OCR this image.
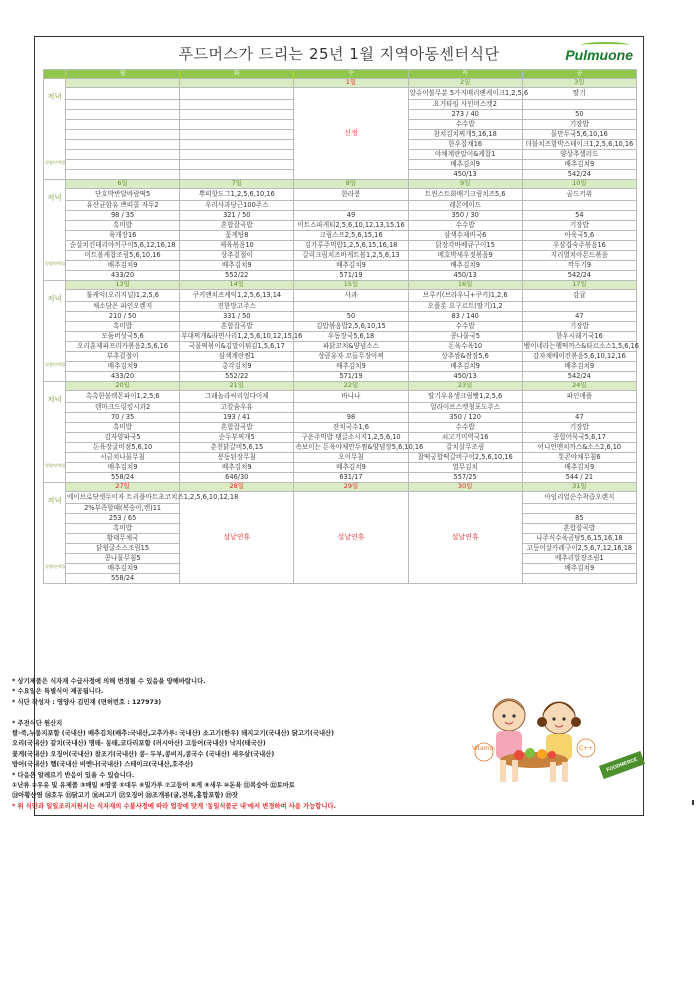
푸드머스가 드리는 25년 1월 지역아동센터식단	Pulmuone
	월	화	수	목	금

저녁
열량/단백질			1일	2일	3일
			신정	알슈이볼무분 5가지베리팬케이크1,2,5,6	딸기
				요거타임 사인머스캣2	
				273 / 40	50
				수수밥	기장밥
				참치김치찌개5,16,18	물만두국5,6,10,16
				한우잡채16	더블치즈함박스테이크1,2,5,6,10,16
				야채계란말이&케찹1	양상추샐러드
				배추김치9	배추김치9
				450/13	542/24

저녁
열량/단백질	6일	7일	8일	9일	10일
	단호박반달바람떡5	뿌띠핫도그1,2,5,6,10,16	한라봉	트윈스트화배기크림치즈5,6	골드키위
	유산균함유 쁘띠콜 자두2	우리사과당근100주스		레몬에이드	
	98 / 35	321 / 50	49	350 / 30	54
	흑미밥	혼합잡곡밥	미트스파게티2,5,6,10,12,13,15,16	수수밥	기장밥
	육개장16	꽃게탕8	크림스프2,5,6,15,16	삼색수제비국6	아욱국5,6
	순살치킨데리야끼구이5,6,12,16,18	제육볶음10	김가루주먹밥1,2,5,6,15,16,18	닭장각바베큐구이15	우삼겹숙주볶음16
	미트볼케찹조림5,6,10,16	상추겉절이	갈릭크림치즈바게트볼1,2,5,6,13	메호박새우젓볶음9	지리멸치아몬드볶음
	배추김치9	배추김치9	배추김치9	배추김치9	깍두기9
	433/20	552/22	571/19	450/13	542/24

저녁
열량/단백질	13일	14일	15일	16일	17일
	툴케익(오리지널)1,2,5,6	쿠키앤치즈케익1,2,5,6,13,14	사과	브루키(브라우니+쿠키)1,2,6	감귤
	채소담은 파인오렌지	진한망고주스		오플롯 요구르트(딸기)1,2	
	210 / 50	331 / 50	50	83 / 140	47
	흑미밥	혼합잡곡밥	김밥볶음밥2,5,6,10,15	수수밥	기장밥
	모둠버섯국5,6	부대찌개&라면사리1,2,5,6,10,12,15,16	우동장국5,6,18	콩나물국5	한우시래기국16
	오리훈제파프리카볶음2,5,6,16	국물떡볶이&김말이튀김1,5,6,17	파닭꼬치&양념소스	돈육수육10	벨이네라는햄떡까스&타르소스1,5,6,16
	부추겉절이	삼색계란찜1	상큼유자 꼬들무장아찌	상추쌈&쌈장5,6	감자채베이컨볶음5,6,10,12,16
	배추김치9	총각김치9	배추김치9	배추김치9	배추김치9
	433/20	552/22	571/19	450/13	542/24

저녁
열량/단백질	20일	21일	22일	23일	24일
	촉촉한블랙몬파이1,2,5,6	그래놀라씨리얼다이제	바나나	딸기우유생크림빵1,2,5,6	파인애플
	덴마크드링킹시과2	고칼슘우유		얼라이브스캣청포도주스	
	70 / 35	193 / 41	98	350 / 120	47
	흑미밥	혼합잡곡밥	잔치국수1,6	수수밥	기장밥
	감자양파국5	순두부찌개5	구운주먹밥 탱글소시지1,2,5,6,10	쇠고기미역국16	종합어묵국5,6,17
	돈육장굴비점5,6,10	춘천닭갈비5,6,15	속보이는 돈육야채만두찜&양념장5,6,10,16	갈치살무조림	어니언맨치까스&소스2,6,10
	시금치나물무침	봉동된장무침	오이무침	찰떡궁합떡갈비구이2,5,6,10,16	톳콘야채무침6
	배추김치9	배추김치9	배추김치9	열무김치	배추김치9
	558/24	646/30	631/17	557/25	544 / 21

저녁
열량/단백질	27일	28일	29일	30일	31일
	에이브로닷셋두이자 트리플마트초코치즈1,2,5,6,10,12,18	설날연휴	설날연휴	설날연휴	아임리얼순수착즙오렌지
	2%부족할때(복숭아,캔)11				
	253 / 65				85
	흑미밥				혼합잡곡밥
	황태무채국				나주식수육곰탕5,6,15,16,18
	닭윙굴소스조림15				고등어살카레구이2,5,6,7,12,16,18
	콩나물무침5				메추리알장조림1
	배추김치9				배추김치9
	558/24				
* 상기제품은 식자재 수급사정에 의해 변경될 수 있음을 양해바랍니다.
* 수요일은 특별식이 제공됩니다.
* 식단 작성자 : 영양사 김민재 (면허번호 : 127973)

* 주전식단 원산지
쌀-죽,누룽지포함 (국내산) 배추김치(배추:국내산,고추가루: 국내산) 소고기(한우) 돼지고기(국내산) 닭고기(국내산)
오리(국내산) 갈치(국내산) 명태- 동태,코다리포함 (러시아산) 고등어(국내산) 낙지(태국산)
꽃게(국내산) 오징어(국내산) 참조기(국내산) 콩- 두부,콩비지,콩국수 (국내산) 새우살(국내산)
방어(국내산) 햄(국내산 비엔나(국내산) 스테이크(국내산,호주산)
* 다음은 알레르기 반응이 있을 수 있습니다.
①난류 ②우유 및 유제품 ③메밀 ④땅콩 ⑤대두 ⑥밀가루 ⑦고등어 ⑧게 ⑨새우 ⑩돈육 ⑪복숭아 ⑫토마토
⑬아황산염 ⑭호두 ⑮닭고기 ⑯쇠고기 ⑰오징어 ⑱조개류(굴,전복,홍합포함) ⑲잣
* 위 식단과 일일조리지원서는 식자재의 수불사정에 따라 업장에 맞게 '동일식품군 내'에서 변경하여 사용 가능합니다.
Vitamin	C++
FOODMERCE
